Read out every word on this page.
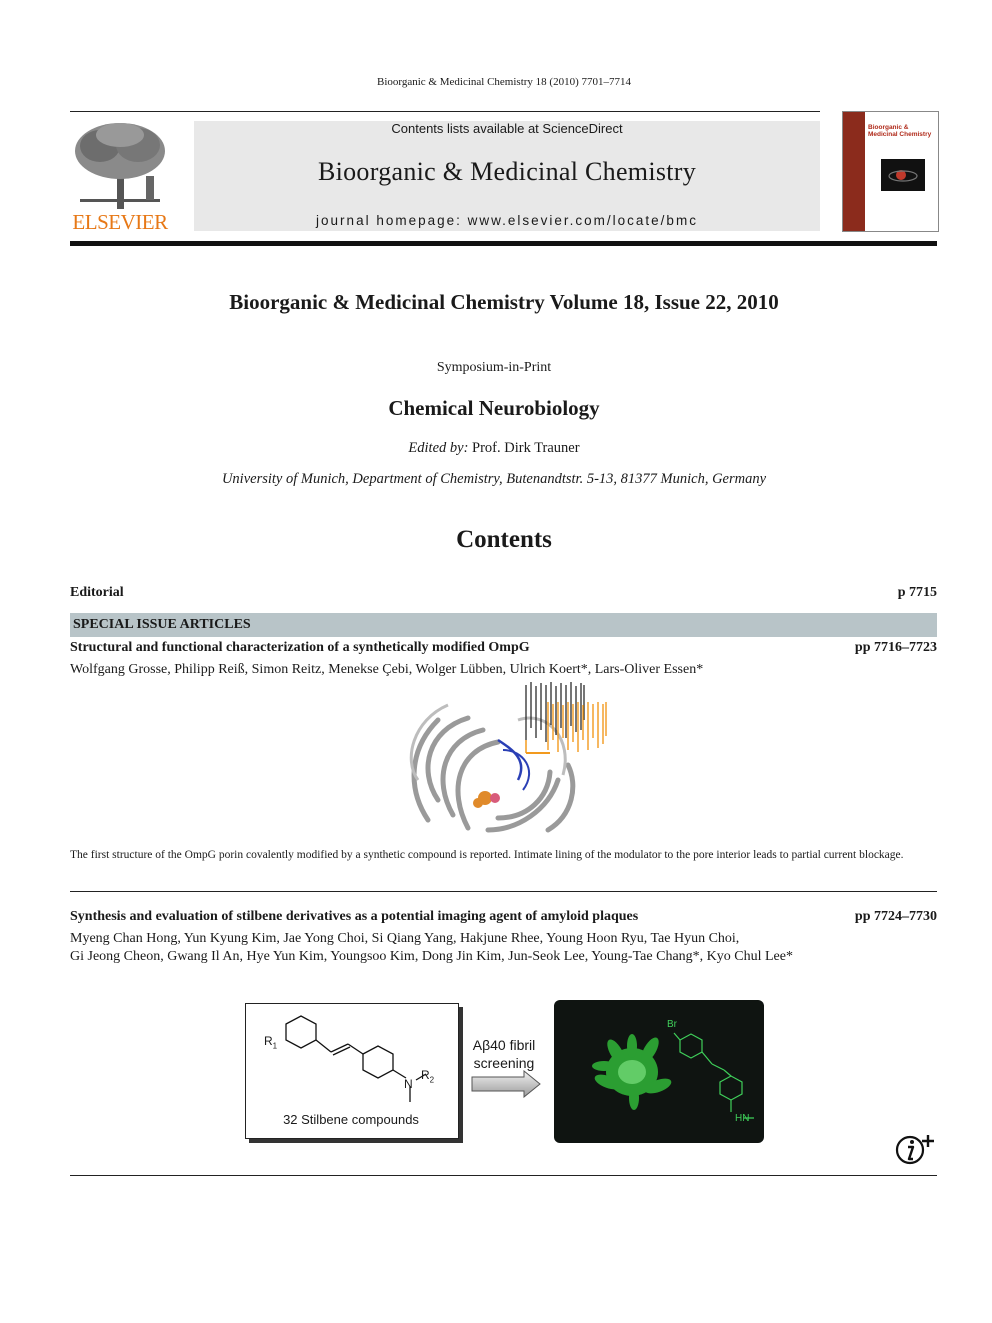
Bioorganic & Medicinal Chemistry 18 (2010) 7701–7714
ELSEVIER
Contents lists available at ScienceDirect
Bioorganic & Medicinal Chemistry
journal homepage: www.elsevier.com/locate/bmc
Bioorganic & Medicinal Chemistry
Bioorganic & Medicinal Chemistry Volume 18, Issue 22, 2010
Symposium-in-Print
Chemical Neurobiology
Edited by: Prof. Dirk Trauner
University of Munich, Department of Chemistry, Butenandtstr. 5-13, 81377 Munich, Germany
Contents
Editorial	p 7715
SPECIAL ISSUE ARTICLES
Structural and functional characterization of a synthetically modified OmpG	pp 7716–7723
Wolfgang Grosse, Philipp Reiß, Simon Reitz, Menekse Çebi, Wolger Lübben, Ulrich Koert*, Lars-Oliver Essen*
The first structure of the OmpG porin covalently modified by a synthetic compound is reported. Intimate lining of the modulator to the pore interior leads to partial current blockage.
Synthesis and evaluation of stilbene derivatives as a potential imaging agent of amyloid plaques	pp 7724–7730
Myeng Chan Hong, Yun Kyung Kim, Jae Yong Choi, Si Qiang Yang, Hakjune Rhee, Young Hoon Ryu, Tae Hyun Choi,
Gi Jeong Cheon, Gwang Il An, Hye Yun Kim, Youngsoo Kim, Dong Jin Kim, Jun-Seok Lee, Young-Tae Chang*, Kyo Chul Lee*
$R_1$
N
$R_2$
32 Stilbene compounds
Aβ40 fibril
screening
Br
HN
